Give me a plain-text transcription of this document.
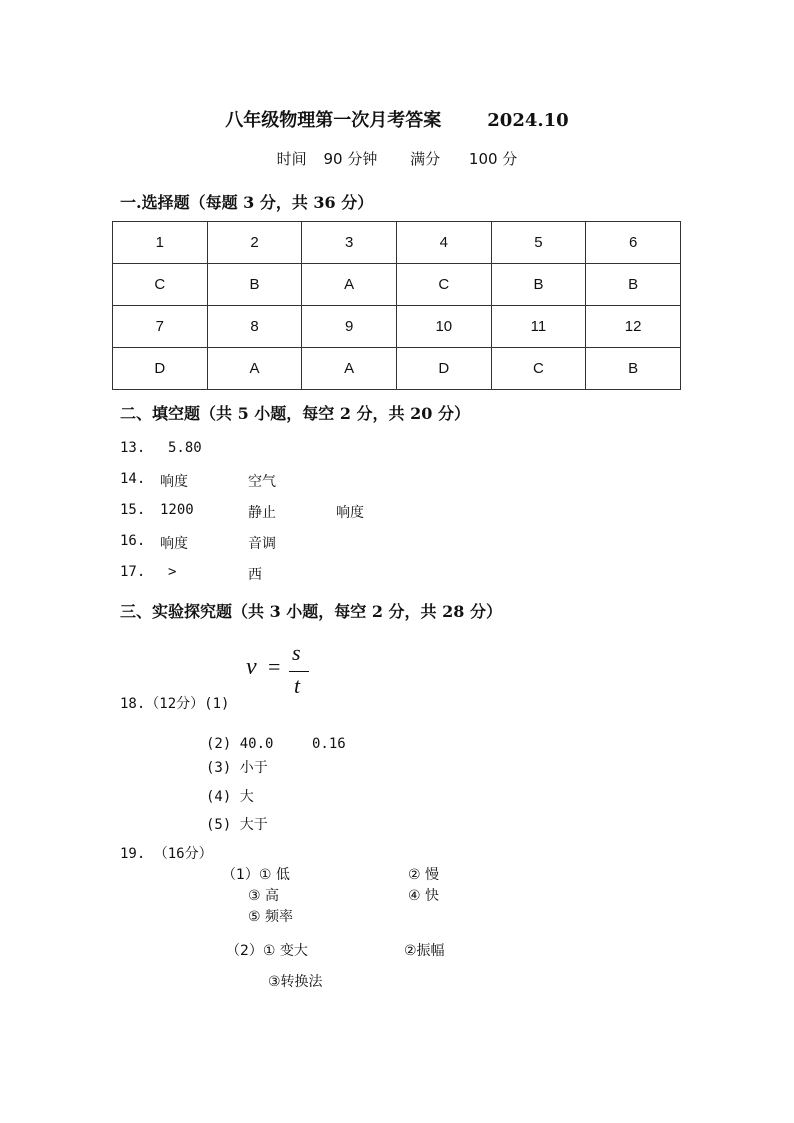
八年级物理第一次月考答案	2024.10
时间 90 分钟 满分 100 分
一.选择题（每题 3 分，共 36 分）
1	2	3	4	5	6
C	B	A	C	B	B
7	8	9	10	11	12
D	A	A	D	C	B
二、填空题（共 5 小题，每空 2 分，共 20 分）
13. 5.80
14. 响度	空气
15. 1200	静止	响度
16. 响度	音调
17. >	西
三、实验探究题（共 3 小题，每空 2 分，共 28 分）
v =
s
t
18.（12分）(1)
(2) 40.0	0.16
(3) 小于
(4) 大
(5) 大于
19. （16分）
（1）① 低	② 慢
③ 高	④ 快
⑤ 频率
（2）① 变大	②振幅
③转换法
